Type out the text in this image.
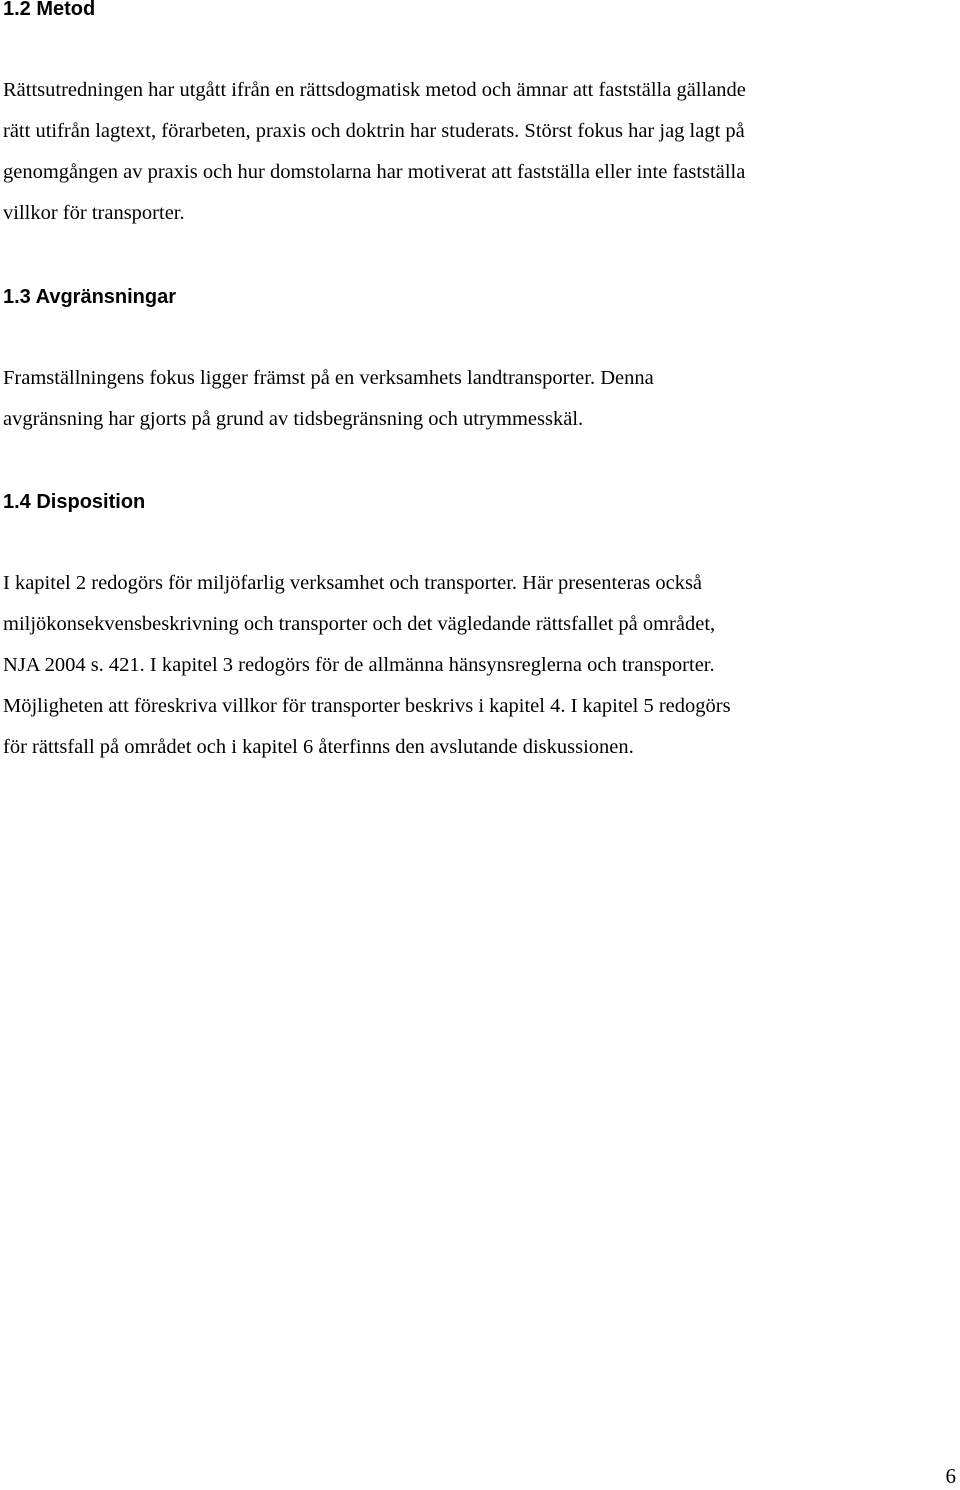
1.2 Metod

Rättsutredningen har utgått ifrån en rättsdogmatisk metod och ämnar att fastställa gällande
rätt utifrån lagtext, förarbeten, praxis och doktrin har studerats. Störst fokus har jag lagt på
genomgången av praxis och hur domstolarna har motiverat att fastställa eller inte fastställa
villkor för transporter.

1.3 Avgränsningar

Framställningens fokus ligger främst på en verksamhets landtransporter. Denna
avgränsning har gjorts på grund av tidsbegränsning och utrymmesskäl.

1.4 Disposition

I kapitel 2 redogörs för miljöfarlig verksamhet och transporter. Här presenteras också
miljökonsekvensbeskrivning och transporter och det vägledande rättsfallet på området,
NJA 2004 s. 421. I kapitel 3 redogörs för de allmänna hänsynsreglerna och transporter.
Möjligheten att föreskriva villkor för transporter beskrivs i kapitel 4. I kapitel 5 redogörs
för rättsfall på området och i kapitel 6 återfinns den avslutande diskussionen.

6
